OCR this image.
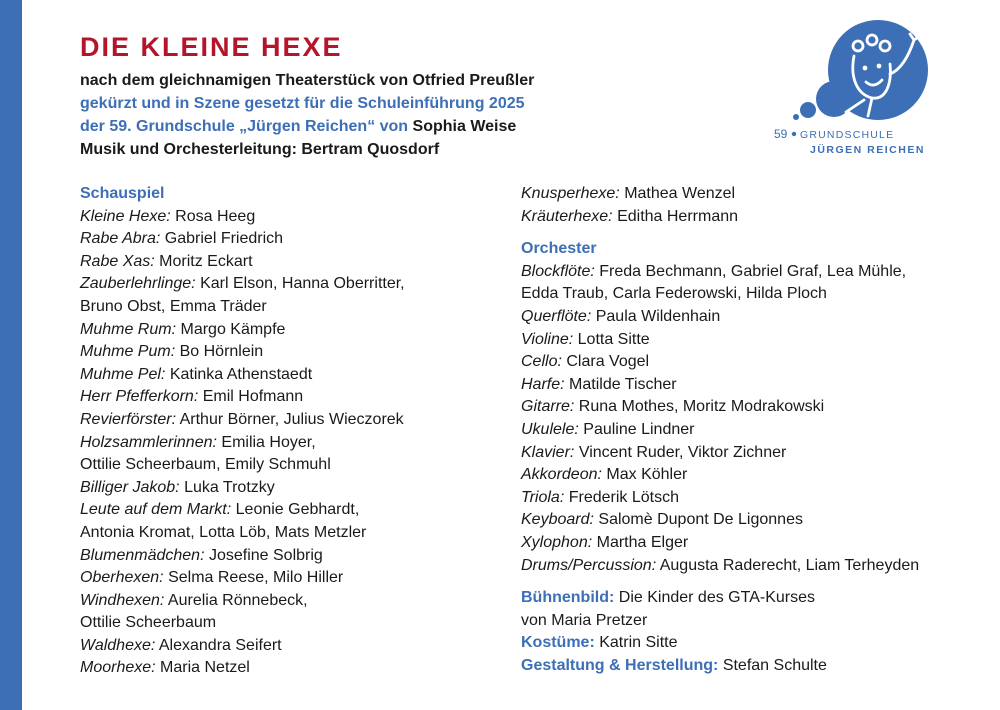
DIE KLEINE HEXE
nach dem gleichnamigen Theaterstück von Otfried Preußler
gekürzt und in Szene gesetzt für die Schuleinführung 2025
der 59. Grundschule „Jürgen Reichen“ von Sophia Weise
Musik und Orchesterleitung: Bertram Quosdorf
59 GRUNDSCHULE
JÜRGEN REICHEN
Schauspiel
Kleine Hexe: Rosa Heeg
Rabe Abra: Gabriel Friedrich
Rabe Xas: Moritz Eckart
Zauberlehrlinge: Karl Elson, Hanna Oberritter,
Bruno Obst, Emma Träder
Muhme Rum: Margo Kämpfe
Muhme Pum: Bo Hörnlein
Muhme Pel: Katinka Athenstaedt
Herr Pfefferkorn: Emil Hofmann
Revierförster: Arthur Börner, Julius Wieczorek
Holzsammlerinnen: Emilia Hoyer,
Ottilie Scheerbaum, Emily Schmuhl
Billiger Jakob: Luka Trotzky
Leute auf dem Markt: Leonie Gebhardt,
Antonia Kromat, Lotta Löb, Mats Metzler
Blumenmädchen: Josefine Solbrig
Oberhexen: Selma Reese, Milo Hiller
Windhexen: Aurelia Rönnebeck,
Ottilie Scheerbaum
Waldhexe: Alexandra Seifert
Moorhexe: Maria Netzel
Knusperhexe: Mathea Wenzel
Kräuterhexe: Editha Herrmann
Orchester
Blockflöte: Freda Bechmann, Gabriel Graf, Lea Mühle,
Edda Traub, Carla Federowski, Hilda Ploch
Querflöte: Paula Wildenhain
Violine: Lotta Sitte
Cello: Clara Vogel
Harfe: Matilde Tischer
Gitarre: Runa Mothes, Moritz Modrakowski
Ukulele: Pauline Lindner
Klavier: Vincent Ruder, Viktor Zichner
Akkordeon: Max Köhler
Triola: Frederik Lötsch
Keyboard: Salomè Dupont De Ligonnes
Xylophon: Martha Elger
Drums/Percussion: Augusta Raderecht, Liam Terheyden
Bühnenbild: Die Kinder des GTA-Kurses
von Maria Pretzer
Kostüme: Katrin Sitte
Gestaltung & Herstellung: Stefan Schulte
